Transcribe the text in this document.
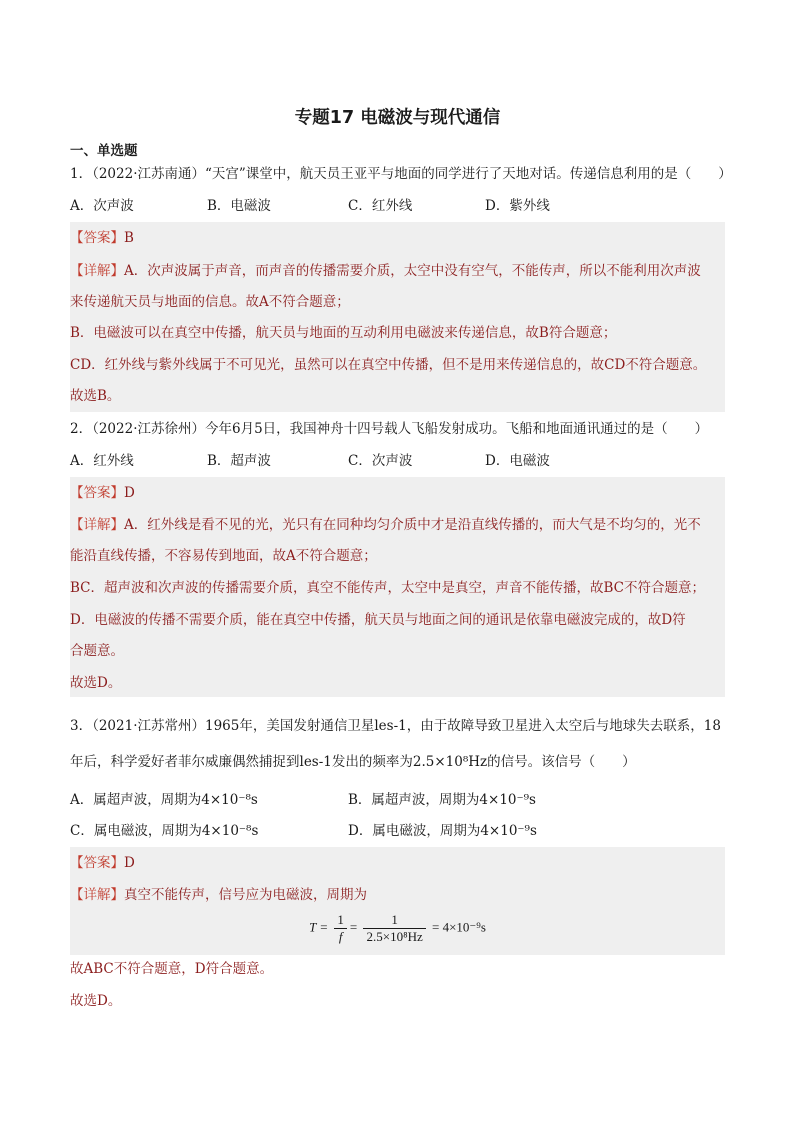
专题17 电磁波与现代通信
一、单选题
1．（2022·江苏南通）“天宫”课堂中，航天员王亚平与地面的同学进行了天地对话。传递信息利用的是（　　）
A．次声波	B．电磁波	C．红外线	D．紫外线
【答案】B
【详解】A．次声波属于声音，而声音的传播需要介质，太空中没有空气，不能传声，所以不能利用次声波
来传递航天员与地面的信息。故A不符合题意；
B．电磁波可以在真空中传播，航天员与地面的互动利用电磁波来传递信息，故B符合题意；
CD．红外线与紫外线属于不可见光，虽然可以在真空中传播，但不是用来传递信息的，故CD不符合题意。
故选B。
2．（2022·江苏徐州）今年6月5日，我国神舟十四号载人飞船发射成功。飞船和地面通讯通过的是（　　）
A．红外线	B．超声波	C．次声波	D．电磁波
【答案】D
【详解】A．红外线是看不见的光，光只有在同种均匀介质中才是沿直线传播的，而大气是不均匀的，光不
能沿直线传播，不容易传到地面，故A不符合题意；
BC．超声波和次声波的传播需要介质，真空不能传声，太空中是真空，声音不能传播，故BC不符合题意；
D．电磁波的传播不需要介质，能在真空中传播，航天员与地面之间的通讯是依靠电磁波完成的，故D符
合题意。
故选D。
3．（2021·江苏常州）1965年，美国发射通信卫星les-1，由于故障导致卫星进入太空后与地球失去联系，18
年后，科学爱好者菲尔威廉偶然捕捉到les-1发出的频率为2.5×10⁸Hz的信号。该信号（　　）
A．属超声波，周期为4×10⁻⁸s	B．属超声波，周期为4×10⁻⁹s
C．属电磁波，周期为4×10⁻⁸s	D．属电磁波，周期为4×10⁻⁹s
【答案】D
【详解】真空不能传声，信号应为电磁波，周期为
$T = \frac{1}{f} = \frac{1}{\text{2.5×10⁸Hz}} = 4\times 10^{-9}s$
故ABC不符合题意，D符合题意。
故选D。
